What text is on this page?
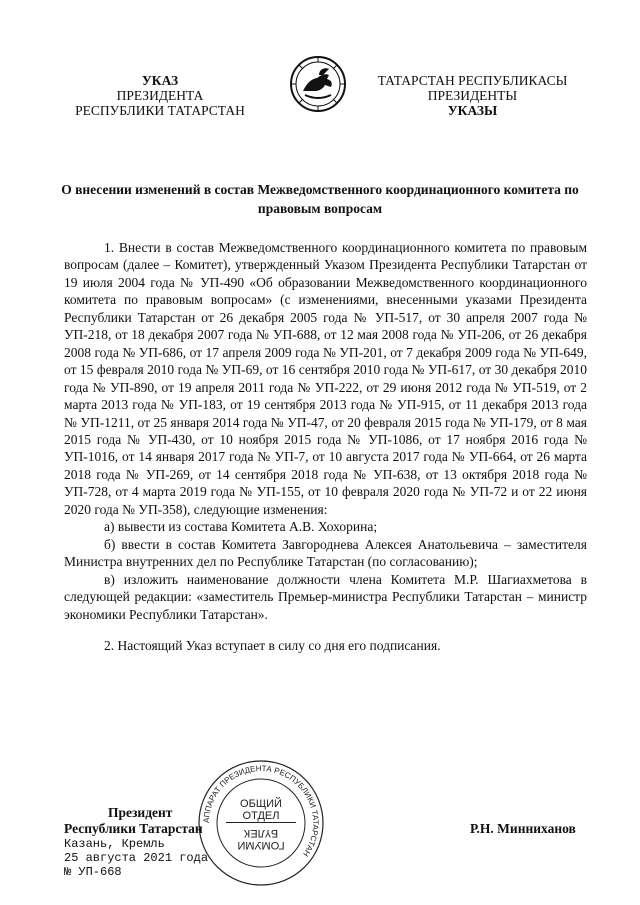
УКАЗ
ПРЕЗИДЕНТА
РЕСПУБЛИКИ ТАТАРСТАН
ТАТАРСТАН РЕСПУБЛИКАСЫ
ПРЕЗИДЕНТЫ
УКАЗЫ
О внесении изменений в состав Межведомственного координационного комитета по правовым вопросам

1. Внести в состав Межведомственного координационного комитета по правовым вопросам (далее – Комитет), утвержденный Указом Президента Республики Татарстан от 19 июля 2004 года № УП-490 «Об образовании Межведомственного координационного комитета по правовым вопросам» (с изменениями, внесенными указами Президента Республики Татарстан от 26 декабря 2005 года № УП-517, от 30 апреля 2007 года № УП-218, от 18 декабря 2007 года № УП-688, от 12 мая 2008 года № УП-206, от 26 декабря 2008 года № УП-686, от 17 апреля 2009 года № УП-201, от 7 декабря 2009 года № УП-649, от 15 февраля 2010 года № УП-69, от 16 сентября 2010 года № УП-617, от 30 декабря 2010 года № УП-890, от 19 апреля 2011 года № УП-222, от 29 июня 2012 года № УП-519, от 2 марта 2013 года № УП-183, от 19 сентября 2013 года № УП-915, от 11 декабря 2013 года № УП-1211, от 25 января 2014 года № УП-47, от 20 февраля 2015 года № УП-179, от 8 мая 2015 года № УП-430, от 10 ноября 2015 года № УП-1086, от 17 ноября 2016 года № УП-1016, от 14 января 2017 года № УП-7, от 10 августа 2017 года № УП-664, от 26 марта 2018 года № УП-269, от 14 сентября 2018 года № УП-638, от 13 октября 2018 года № УП-728, от 4 марта 2019 года № УП-155, от 10 февраля 2020 года № УП-72 и от 22 июня 2020 года № УП-358), следующие изменения:

а) вывести из состава Комитета А.В. Хохорина;

б) ввести в состав Комитета Завгороднева Алексея Анатольевича – заместителя Министра внутренних дел по Республике Татарстан (по согласованию);

в) изложить наименование должности члена Комитета М.Р. Шагиахметова в следующей редакции: «заместитель Премьер-министра Республики Татарстан – министр экономики Республики Татарстан».

2. Настоящий Указ вступает в силу со дня его подписания.

АППАРАТ ПРЕЗИДЕНТА РЕСПУБЛИКИ ТАТАРСТАН
ОБЩИЙ
ОТДЕЛ
БҮЛЕК
ГОМУМИ
Президент
Республики Татарстан	Р.Н. Минниханов
Казань, Кремль
25 августа 2021 года
№ УП-668
